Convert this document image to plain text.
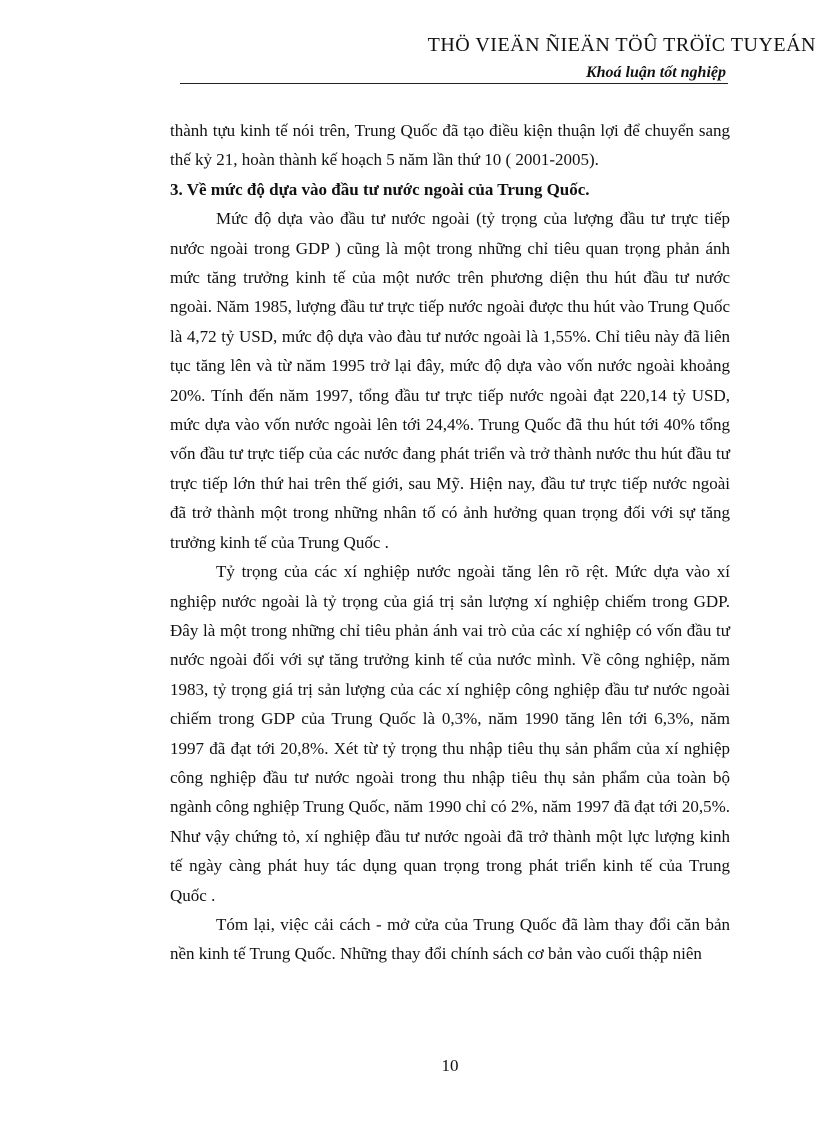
THÖ VIEÄN ÑIEÄN TÖÛ TRÖÏC TUYEÁN
Khoá luận tốt nghiệp

thành tựu kinh tế nói trên, Trung Quốc đã tạo điều kiện thuận lợi để chuyển sang thế kỷ 21, hoàn thành kế hoạch 5 năm lần thứ 10 ( 2001-2005).

3. Về mức độ dựa vào đầu tư nước ngoài của Trung Quốc.

Mức độ dựa vào đầu tư nước ngoài (tỷ trọng của lượng đầu tư trực tiếp nước ngoài trong GDP ) cũng là một trong những chỉ tiêu quan trọng phản ánh mức tăng trưởng kinh tế của một nước trên phương diện thu hút đầu tư nước ngoài. Năm 1985, lượng đầu tư trực tiếp nước ngoài được thu hút vào Trung Quốc là 4,72 tỷ USD, mức độ dựa vào đàu tư nước ngoài là 1,55%. Chỉ tiêu này đã liên tục tăng lên và từ năm 1995 trở lại đây, mức độ dựa vào vốn nước ngoài khoảng 20%. Tính đến năm 1997, tổng đầu tư trực tiếp nước ngoài đạt 220,14 tỷ USD, mức dựa vào vốn nước ngoài lên tới 24,4%. Trung Quốc đã thu hút tới 40% tổng vốn đầu tư trực tiếp của các nước đang phát triển và trở thành nước thu hút đầu tư trực tiếp lớn thứ hai trên thế giới, sau Mỹ. Hiện nay, đầu tư trực tiếp nước ngoài đã trở thành một trong những nhân tố có ảnh hưởng quan trọng đối với sự tăng trưởng kinh tế của Trung Quốc .

Tỷ trọng của các xí nghiệp nước ngoài tăng lên rõ rệt. Mức dựa vào xí nghiệp nước ngoài là tỷ trọng của giá trị sản lượng xí nghiệp chiếm trong GDP. Đây là một trong những chỉ tiêu phản ánh vai trò của các xí nghiệp có vốn đầu tư nước ngoài đối với sự tăng trưởng kinh tế của nước mình. Về công nghiệp, năm 1983, tỷ trọng giá trị sản lượng của các xí nghiệp công nghiệp đầu tư nước ngoài chiếm trong GDP của Trung Quốc là 0,3%, năm 1990 tăng lên tới 6,3%, năm 1997 đã đạt tới 20,8%. Xét từ tỷ trọng thu nhập tiêu thụ sản phẩm của xí nghiệp công nghiệp đầu tư nước ngoài trong thu nhập tiêu thụ sản phẩm của toàn bộ ngành công nghiệp Trung Quốc, năm 1990 chỉ có 2%, năm 1997 đã đạt tới 20,5%. Như vậy chứng tỏ, xí nghiệp đầu tư nước ngoài đã trở thành một lực lượng kinh tế ngày càng phát huy tác dụng quan trọng trong phát triển kinh tế của Trung Quốc .

Tóm lại, việc cải cách - mở cửa của Trung Quốc đã làm thay đổi căn bản nền kinh tế Trung Quốc. Những thay đổi chính sách cơ bản vào cuối thập niên

10
